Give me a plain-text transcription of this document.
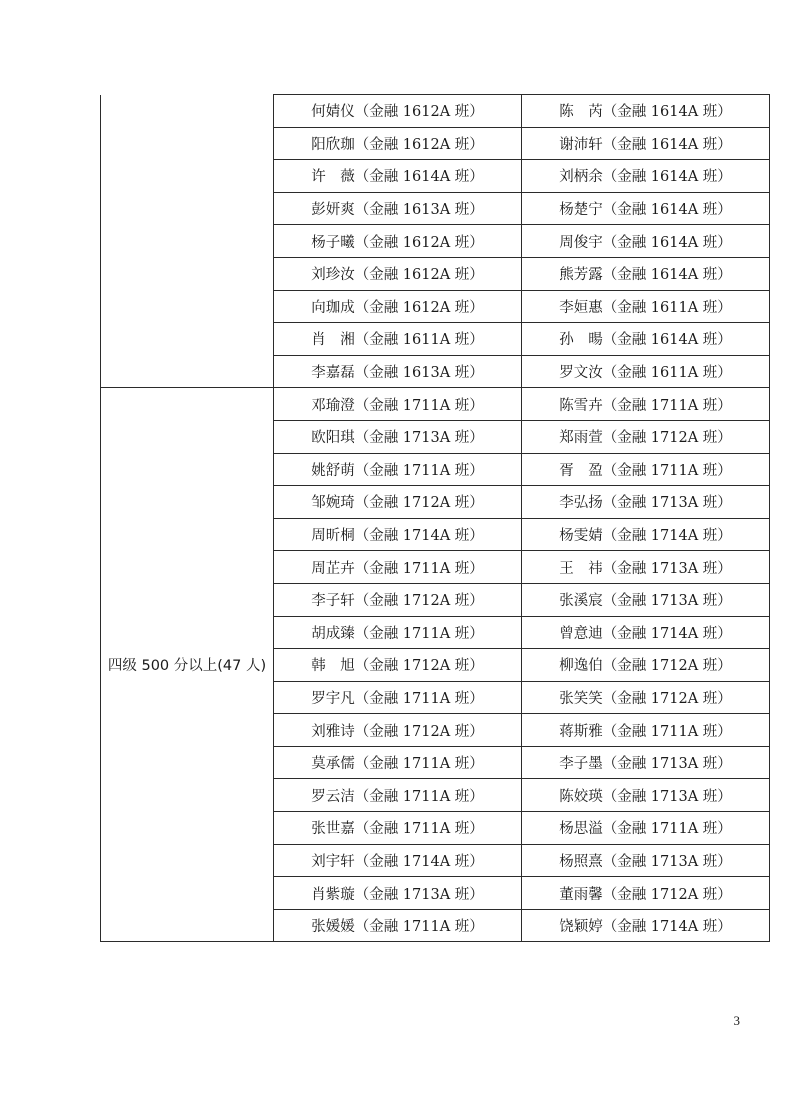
	何婧仪（金融 1612A 班）	陈　芮（金融 1614A 班）
	阳欣珈（金融 1612A 班）	谢沛轩（金融 1614A 班）
	许　薇（金融 1614A 班）	刘柄余（金融 1614A 班）
	彭妍爽（金融 1613A 班）	杨楚宁（金融 1614A 班）
	杨子曦（金融 1612A 班）	周俊宇（金融 1614A 班）
	刘珍汝（金融 1612A 班）	熊芳露（金融 1614A 班）
	向珈成（金融 1612A 班）	李姮惠（金融 1611A 班）
	肖　湘（金融 1611A 班）	孙　暘（金融 1614A 班）
	李嘉磊（金融 1613A 班）	罗文汝（金融 1611A 班）
四级 500 分以上(47 人)	邓瑜澄（金融 1711A 班）	陈雪卉（金融 1711A 班）
	欧阳琪（金融 1713A 班）	郑雨萱（金融 1712A 班）
	姚舒萌（金融 1711A 班）	胥　盈（金融 1711A 班）
	邹婉琦（金融 1712A 班）	李弘扬（金融 1713A 班）
	周昕桐（金融 1714A 班）	杨雯婧（金融 1714A 班）
	周芷卉（金融 1711A 班）	王　祎（金融 1713A 班）
	李子轩（金融 1712A 班）	张溪宸（金融 1713A 班）
	胡成臻（金融 1711A 班）	曾意迪（金融 1714A 班）
	韩　旭（金融 1712A 班）	柳逸伯（金融 1712A 班）
	罗宇凡（金融 1711A 班）	张笑笑（金融 1712A 班）
	刘雅诗（金融 1712A 班）	蒋斯雅（金融 1711A 班）
	莫承儒（金融 1711A 班）	李子墨（金融 1713A 班）
	罗云洁（金融 1711A 班）	陈姣瑛（金融 1713A 班）
	张世嘉（金融 1711A 班）	杨思溢（金融 1711A 班）
	刘宇轩（金融 1714A 班）	杨照熹（金融 1713A 班）
	肖紫璇（金融 1713A 班）	董雨馨（金融 1712A 班）
	张媛媛（金融 1711A 班）	饶颖婷（金融 1714A 班）
3
